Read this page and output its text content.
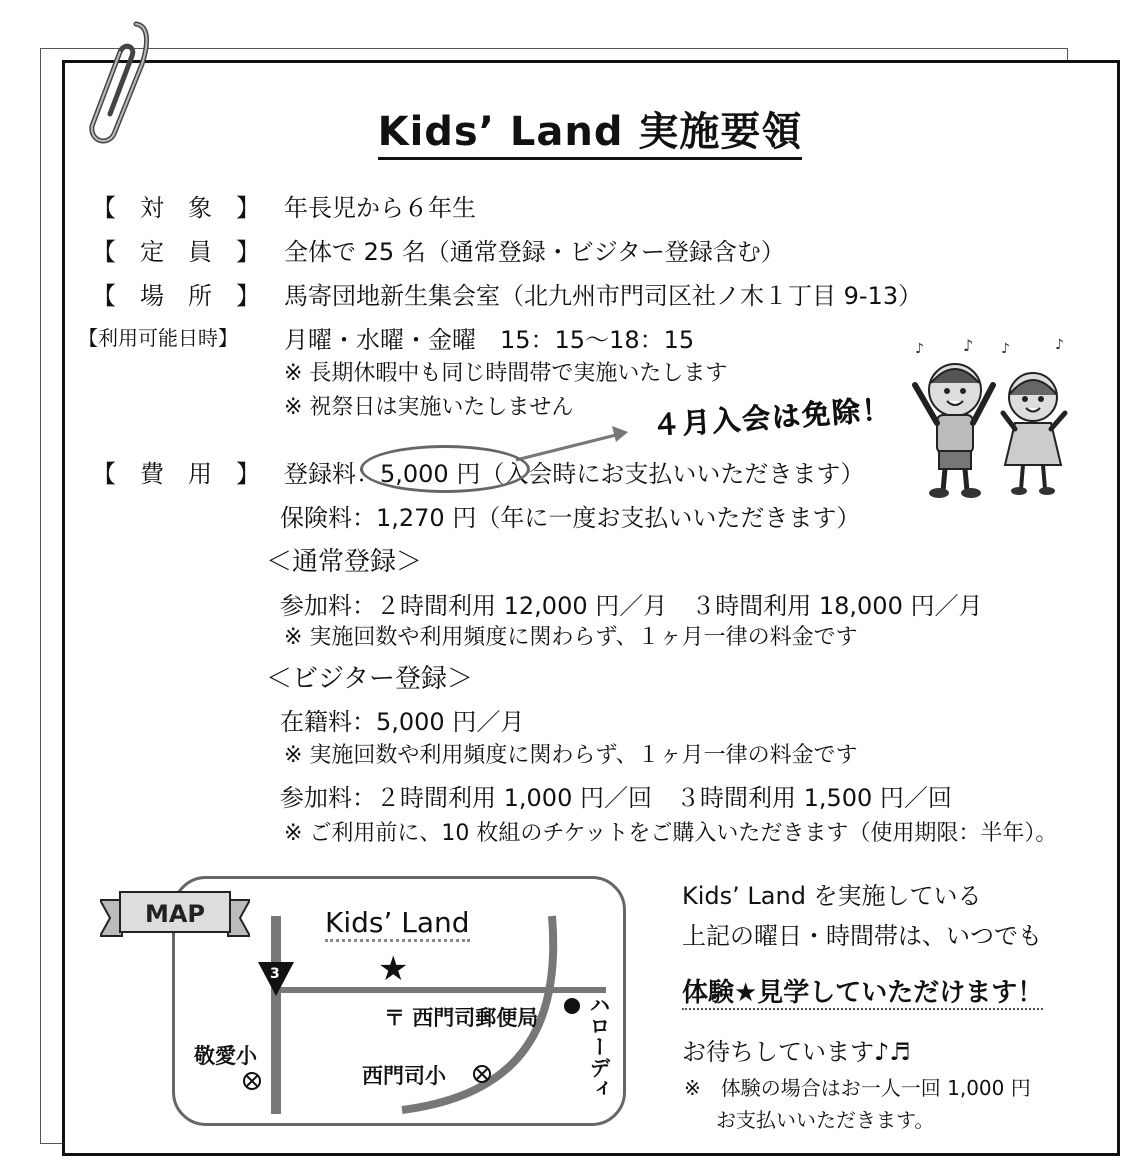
Kids’ Land 実施要領
【　対　象　】 年長児から６年生
【　定　員　】 全体で 25 名（通常登録・ビジター登録含む）
【　場　所　】 馬寄団地新生集会室（北九州市門司区社ノ木１丁目 9-13）
【利用可能日時】 月曜・水曜・金曜　15：15～18：15
※ 長期休暇中も同じ時間帯で実施いたします
※ 祝祭日は実施いたしません	４月入会は免除！
♪ ♪ ♪	♪
【　費　用　】 登録料：5,000 円（入会時にお支払いいただきます）
保険料：1,270 円（年に一度お支払いいただきます）
＜通常登録＞
参加料：２時間利用 12,000 円／月　３時間利用 18,000 円／月
※ 実施回数や利用頻度に関わらず、１ヶ月一律の料金です
＜ビジター登録＞
在籍料：5,000 円／月
※ 実施回数や利用頻度に関わらず、１ヶ月一律の料金です
参加料：２時間利用 1,000 円／回　３時間利用 1,500 円／回
※ ご利用前に、10 枚組のチケットをご購入いただきます（使用期限：半年）。
3	★
MAP	Kids’ Land
〒 西門司郵便局
敬愛小
西門司小	ハローディ
Kids’ Land を実施している
上記の曜日・時間帯は、いつでも
体験★見学していただけます！
お待ちしています♪♬
※　体験の場合はお一人一回 1,000 円
お支払いいただきます。
